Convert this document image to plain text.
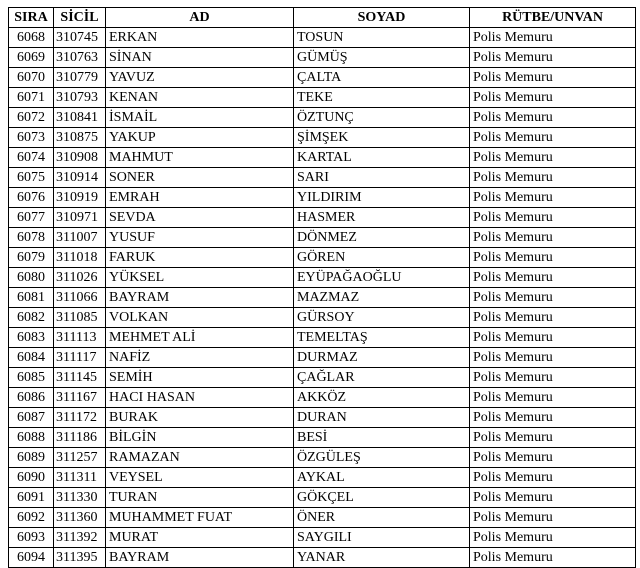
SIRA	SİCİL	AD	SOYAD	RÜTBE/UNVAN
6068	310745	ERKAN	TOSUN	Polis Memuru
6069	310763	SİNAN	GÜMÜŞ	Polis Memuru
6070	310779	YAVUZ	ÇALTA	Polis Memuru
6071	310793	KENAN	TEKE	Polis Memuru
6072	310841	İSMAİL	ÖZTUNÇ	Polis Memuru
6073	310875	YAKUP	ŞİMŞEK	Polis Memuru
6074	310908	MAHMUT	KARTAL	Polis Memuru
6075	310914	SONER	SARI	Polis Memuru
6076	310919	EMRAH	YILDIRIM	Polis Memuru
6077	310971	SEVDA	HASMER	Polis Memuru
6078	311007	YUSUF	DÖNMEZ	Polis Memuru
6079	311018	FARUK	GÖREN	Polis Memuru
6080	311026	YÜKSEL	EYÜPAĞAOĞLU	Polis Memuru
6081	311066	BAYRAM	MAZMAZ	Polis Memuru
6082	311085	VOLKAN	GÜRSOY	Polis Memuru
6083	311113	MEHMET ALİ	TEMELTAŞ	Polis Memuru
6084	311117	NAFİZ	DURMAZ	Polis Memuru
6085	311145	SEMİH	ÇAĞLAR	Polis Memuru
6086	311167	HACI HASAN	AKKÖZ	Polis Memuru
6087	311172	BURAK	DURAN	Polis Memuru
6088	311186	BİLGİN	BESİ	Polis Memuru
6089	311257	RAMAZAN	ÖZGÜLEŞ	Polis Memuru
6090	311311	VEYSEL	AYKAL	Polis Memuru
6091	311330	TURAN	GÖKÇEL	Polis Memuru
6092	311360	MUHAMMET FUAT	ÖNER	Polis Memuru
6093	311392	MURAT	SAYGILI	Polis Memuru
6094	311395	BAYRAM	YANAR	Polis Memuru
